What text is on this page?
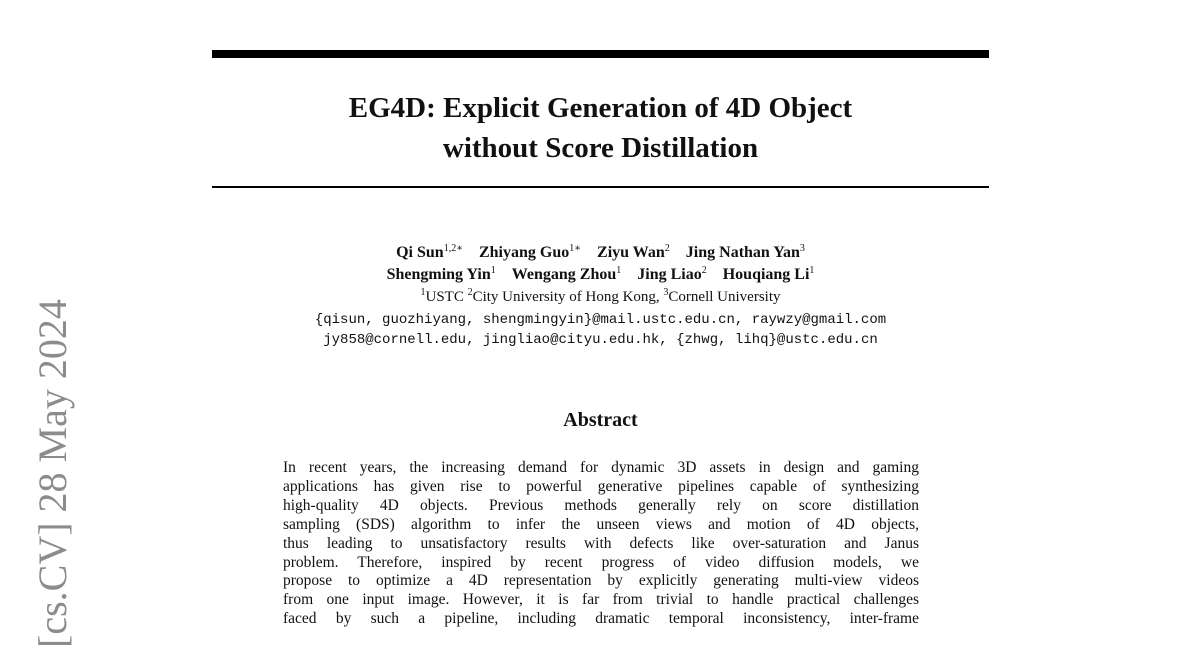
EG4D: Explicit Generation of 4D Object
without Score Distillation
Qi Sun$^{1,2∗}$ Zhiyang Guo$^{1∗}$ Ziyu Wan$^2$ Jing Nathan Yan$^3$
Shengming Yin$^1$ Wengang Zhou$^1$ Jing Liao$^2$ Houqiang Li$^1$
$^1$USTC $^2$City University of Hong Kong, $^3$Cornell University
{qisun, guozhiyang, shengmingyin}@mail.ustc.edu.cn, raywzy@gmail.com
jy858@cornell.edu, jingliao@cityu.edu.hk, {zhwg, lihq}@ustc.edu.cn
Abstract
In recent years, the increasing demand for dynamic 3D assets in design and gaming
applications has given rise to powerful generative pipelines capable of synthesizing
high-quality 4D objects. Previous methods generally rely on score distillation
sampling (SDS) algorithm to infer the unseen views and motion of 4D objects,
thus leading to unsatisfactory results with defects like over-saturation and Janus
problem. Therefore, inspired by recent progress of video diffusion models, we
propose to optimize a 4D representation by explicitly generating multi-view videos
from one input image. However, it is far from trivial to handle practical challenges
faced by such a pipeline, including dramatic temporal inconsistency, inter-frame
[cs.CV] 28 May 2024
